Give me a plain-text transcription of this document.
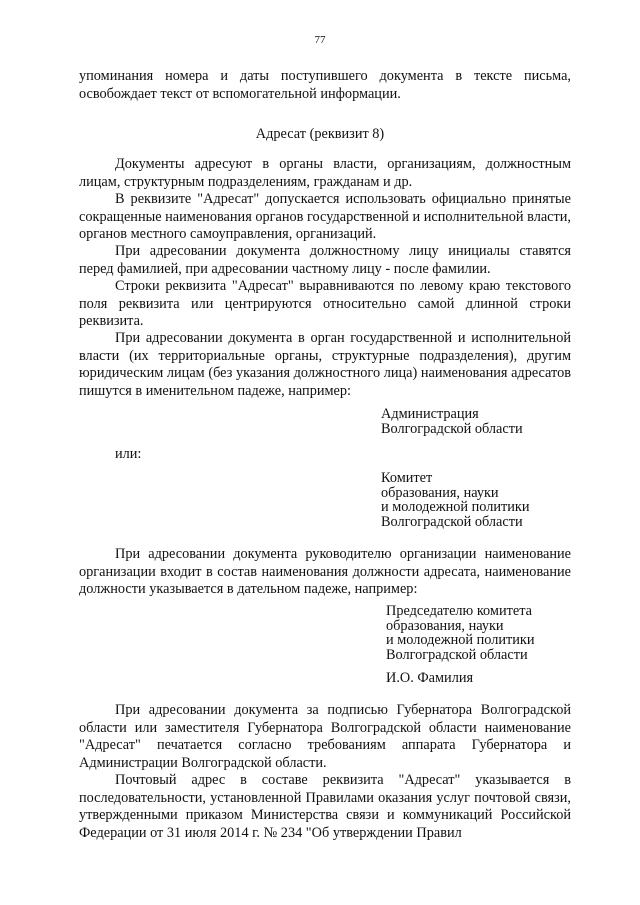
77
упоминания номера и даты поступившего документа в тексте письма, освобождает текст от вспомогательной информации.
Адресат (реквизит 8)
Документы адресуют в органы власти, организациям, должностным лицам, структурным подразделениям, гражданам и др.
В реквизите "Адресат" допускается использовать официально принятые сокращенные наименования органов государственной и исполнительной власти, органов местного самоуправления, организаций.
При адресовании документа должностному лицу инициалы ставятся перед фамилией, при адресовании частному лицу - после фамилии.
Строки реквизита "Адресат" выравниваются по левому краю текстового поля реквизита или центрируются относительно самой длинной строки реквизита.
При адресовании документа в орган государственной и исполнительной власти (их территориальные органы, структурные подразделения), другим юридическим лицам (без указания должностного лица) наименования адресатов пишутся в именительном падеже, например:
Администрация
Волгоградской области
или:
Комитет
образования, науки
и молодежной политики
Волгоградской области
При адресовании документа руководителю организации наименование организации входит в состав наименования должности адресата, наименование должности указывается в дательном падеже, например:
Председателю комитета
образования, науки
и молодежной политики
Волгоградской области
И.О. Фамилия
При адресовании документа за подписью Губернатора Волгоградской области или заместителя Губернатора Волгоградской области наименование "Адресат" печатается согласно требованиям аппарата Губернатора и Администрации Волгоградской области.
Почтовый адрес в составе реквизита "Адресат" указывается в последовательности, установленной Правилами оказания услуг почтовой связи, утвержденными приказом Министерства связи и коммуникаций Российской Федерации от 31 июля 2014 г. № 234 "Об утверждении Правил
